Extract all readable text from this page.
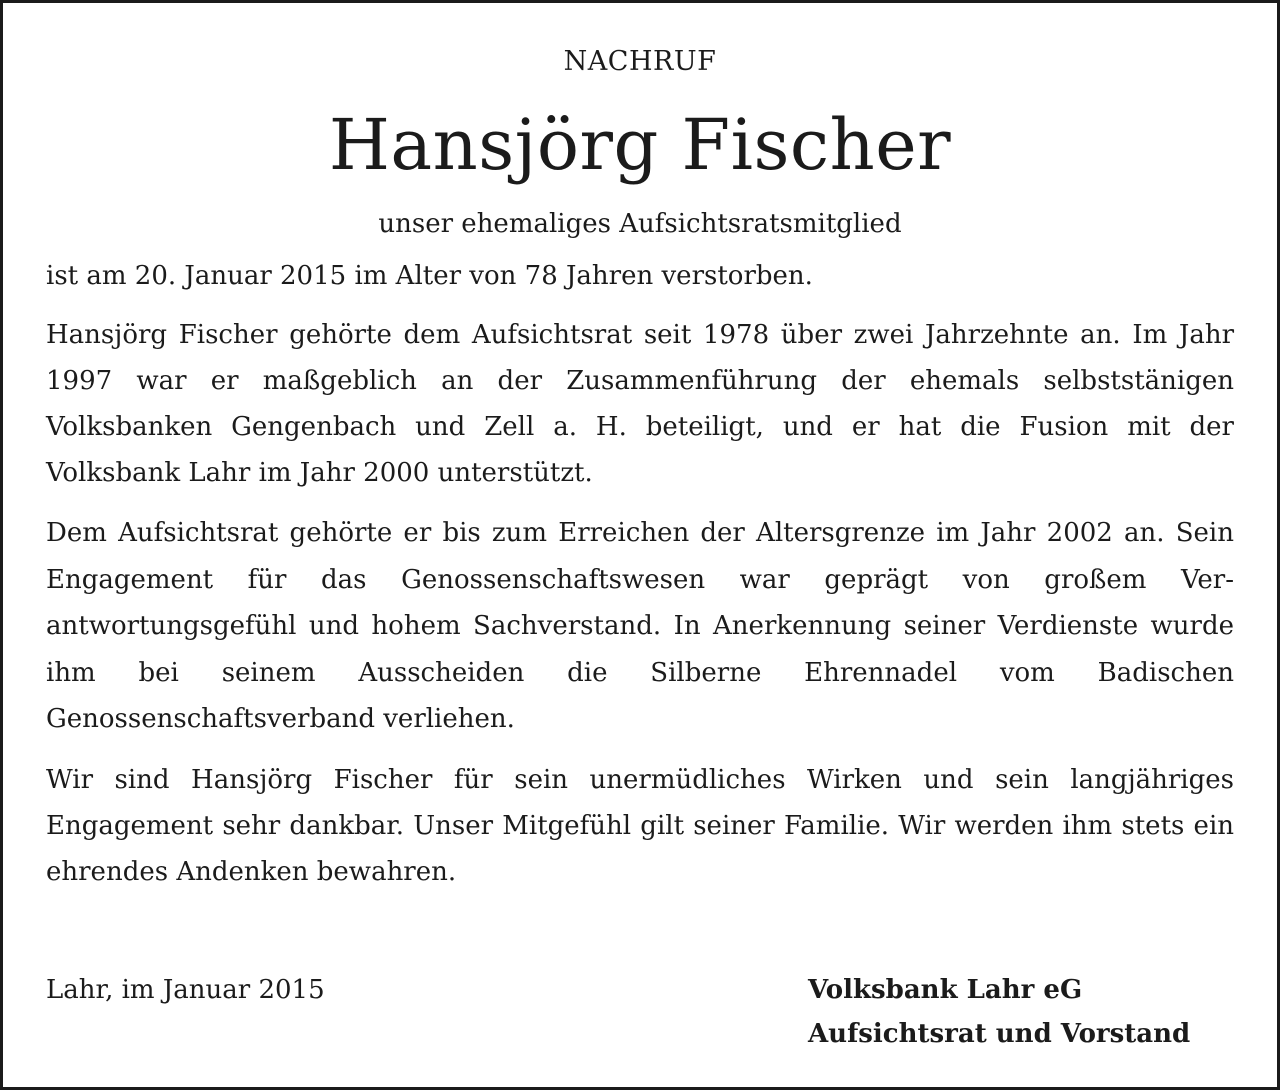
NACHRUF

Hansjörg Fischer

unser ehemaliges Aufsichtsratsmitglied

ist am 20. Januar 2015 im Alter von 78 Jahren verstorben.

Hansjörg Fischer gehörte dem Aufsichtsrat seit 1978 über zwei Jahrzehnte an. Im Jahr 1997 war er maßgeblich an der Zusammenführung der ehemals selbststänigen Volksbanken Gengenbach und Zell a. H. beteiligt, und er hat die Fusion mit der Volksbank Lahr im Jahr 2000 unterstützt.

Dem Aufsichtsrat gehörte er bis zum Erreichen der Altersgrenze im Jahr 2002 an. Sein Engagement für das Genossenschaftswesen war geprägt von großem Verantwortungsgefühl und hohem Sachverstand. In Anerkennung seiner Verdienste wurde ihm bei seinem Ausscheiden die Silberne Ehrennadel vom Badischen Genossenschaftsverband verliehen.

Wir sind Hansjörg Fischer für sein unermüdliches Wirken und sein langjähriges Engagement sehr dankbar. Unser Mitgefühl gilt seiner Familie. Wir werden ihm stets ein ehrendes Andenken bewahren.

Lahr, im Januar 2015	Volksbank Lahr eG
Aufsichtsrat und Vorstand
